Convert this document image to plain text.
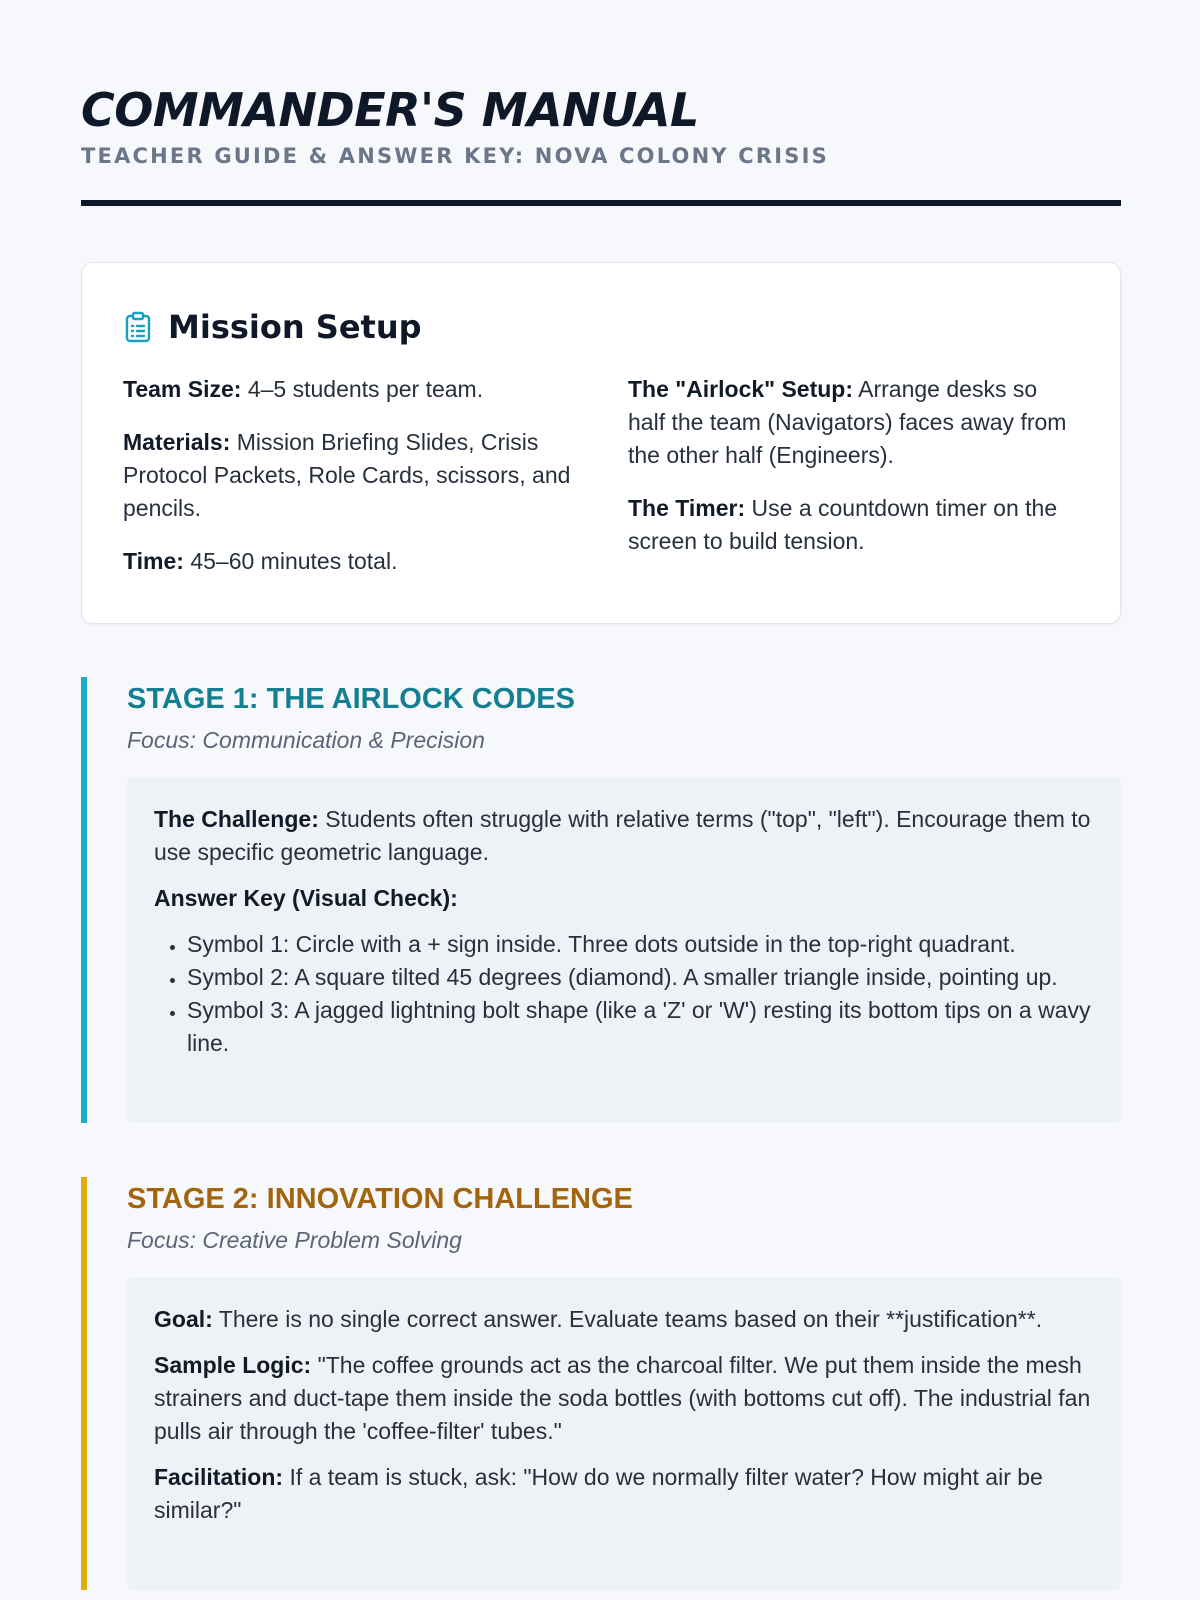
COMMANDER'S MANUAL
TEACHER GUIDE & ANSWER KEY: NOVA COLONY CRISIS
Mission Setup

Team Size: 4–5 students per team.

Materials: Mission Briefing Slides, Crisis Protocol Packets, Role Cards, scissors, and pencils.

Time: 45–60 minutes total.

The "Airlock" Setup: Arrange desks so half the team (Navigators) faces away from the other half (Engineers).

The Timer: Use a countdown timer on the screen to build tension.

STAGE 1: THE AIRLOCK CODES
Focus: Communication & Precision

The Challenge: Students often struggle with relative terms ("top", "left"). Encourage them to use specific geometric language.

Answer Key (Visual Check):

• Symbol 1: Circle with a + sign inside. Three dots outside in the top-right quadrant.
• Symbol 2: A square tilted 45 degrees (diamond). A smaller triangle inside, pointing up.
• Symbol 3: A jagged lightning bolt shape (like a 'Z' or 'W') resting its bottom tips on a wavy line.
STAGE 2: INNOVATION CHALLENGE
Focus: Creative Problem Solving

Goal: There is no single correct answer. Evaluate teams based on their **justification**.

Sample Logic: "The coffee grounds act as the charcoal filter. We put them inside the mesh strainers and duct-tape them inside the soda bottles (with bottoms cut off). The industrial fan pulls air through the 'coffee-filter' tubes."

Facilitation: If a team is stuck, ask: "How do we normally filter water? How might air be similar?"
